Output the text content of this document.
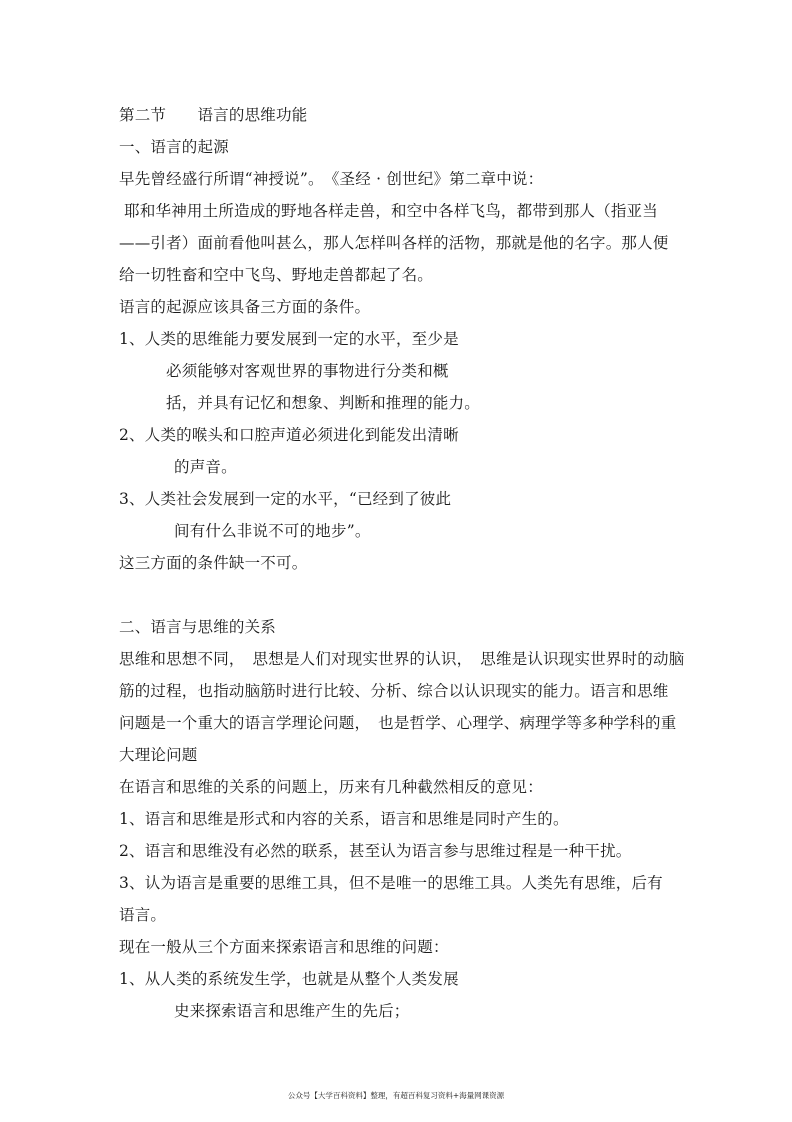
第二节　　语言的思维功能
一、语言的起源
早先曾经盛行所谓“神授说”。　《圣经 · 创世纪》第二章中说：
耶和华神用土所造成的野地各样走兽，和空中各样飞鸟，都带到那人（指亚当
——引者）面前看他叫甚么，那人怎样叫各样的活物，那就是他的名字。那人便
给一切牲畜和空中飞鸟、野地走兽都起了名。
语言的起源应该具备三方面的条件。
1、人类的思维能力要发展到一定的水平，至少是
必须能够对客观世界的事物进行分类和概
括，并具有记忆和想象、判断和推理的能力。
2、人类的喉头和口腔声道必须进化到能发出清晰
的声音。
3、人类社会发展到一定的水平，“已经到了彼此
间有什么非说不可的地步”。
这三方面的条件缺一不可。
二、语言与思维的关系
思维和思想不同，　思想是人们对现实世界的认识，　思维是认识现实世界时的动脑
筋的过程，也指动脑筋时进行比较、分析、综合以认识现实的能力。语言和思维
问题是一个重大的语言学理论问题，　也是哲学、心理学、病理学等多种学科的重
大理论问题
在语言和思维的关系的问题上，历来有几种截然相反的意见：
1、语言和思维是形式和内容的关系，语言和思维是同时产生的。
2、语言和思维没有必然的联系，甚至认为语言参与思维过程是一种干扰。
3、认为语言是重要的思维工具，但不是唯一的思维工具。人类先有思维，后有
语言。
现在一般从三个方面来探索语言和思维的问题：
1、从人类的系统发生学，也就是从整个人类发展
史来探索语言和思维产生的先后；
公众号【大学百科资料】整理，有超百科复习资料+海量网课资源
